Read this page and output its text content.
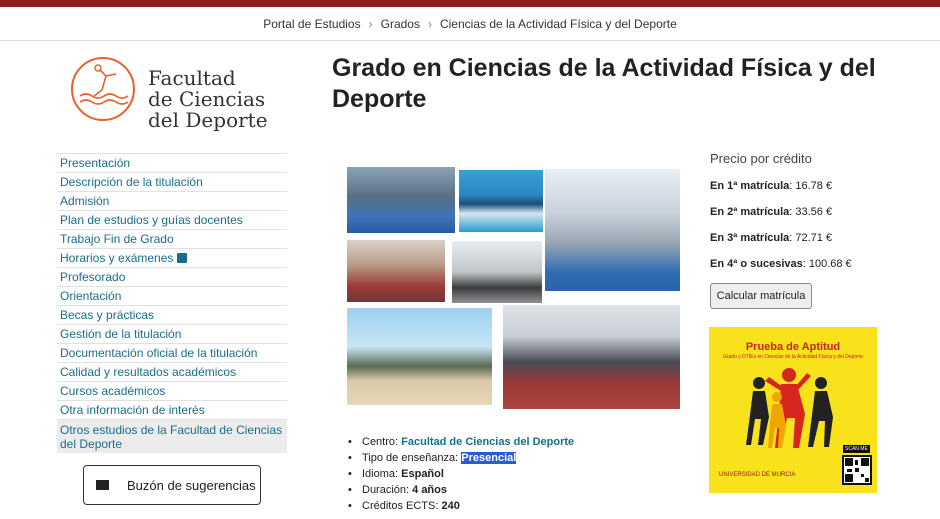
Portal de Estudios › Grados › Ciencias de la Actividad Física y del Deporte
Facultad
de Ciencias
del Deporte
Presentación
Descripción de la titulación
Admisión
Plan de estudios y guías docentes
Trabajo Fin de Grado
Horarios y exámenes
Profesorado
Orientación
Becas y prácticas
Gestión de la titulación
Documentación oficial de la titulación
Calidad y resultados académicos
Cursos académicos
Otra información de interés
Otros estudios de la Facultad de Ciencias del Deporte
Buzón de sugerencias
Grado en Ciencias de la Actividad Física y del Deporte
• Centro: Facultad de Ciencias del Deporte
• Tipo de enseñanza: Presencial
• Idioma: Español
• Duración: 4 años
• Créditos ECTS: 240
Precio por crédito
En 1ª matrícula: 16.78 €
En 2ª matrícula: 33.56 €
En 3ª matrícula: 72.71 €
En 4ª o sucesivas: 100.68 €
Calcular matrícula
Prueba de Aptitud
Grado y DTIEs en Ciencias de la Actividad Física y del Deporte
UNIVERSIDAD DE MURCIA
SCAN ME
